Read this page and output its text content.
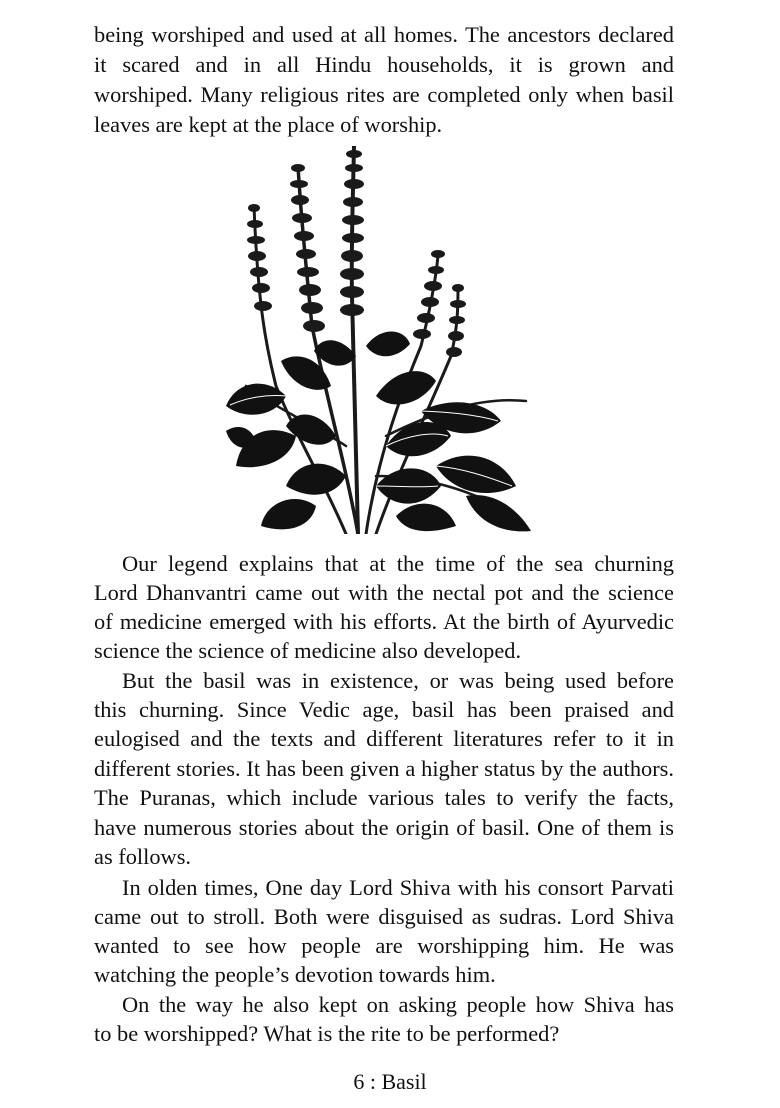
being worshiped and used at all homes. The ancestors declared
it scared and in all Hindu households, it is grown and
worshiped. Many religious rites are completed only when basil
leaves are kept at the place of worship.
Our legend explains that at the time of the sea churning
Lord Dhanvantri came out with the nectal pot and the science
of medicine emerged with his efforts. At the birth of Ayurvedic
science the science of medicine also developed.
But the basil was in existence, or was being used before
this churning. Since Vedic age, basil has been praised and
eulogised and the texts and different literatures refer to it in
different stories. It has been given a higher status by the authors.
The Puranas, which include various tales to verify the facts,
have numerous stories about the origin of basil. One of them is
as follows.
In olden times, One day Lord Shiva with his consort Parvati
came out to stroll. Both were disguised as sudras. Lord Shiva
wanted to see how people are worshipping him. He was
watching the people’s devotion towards him.
On the way he also kept on asking people how Shiva has
to be worshipped? What is the rite to be performed?
6 : Basil
